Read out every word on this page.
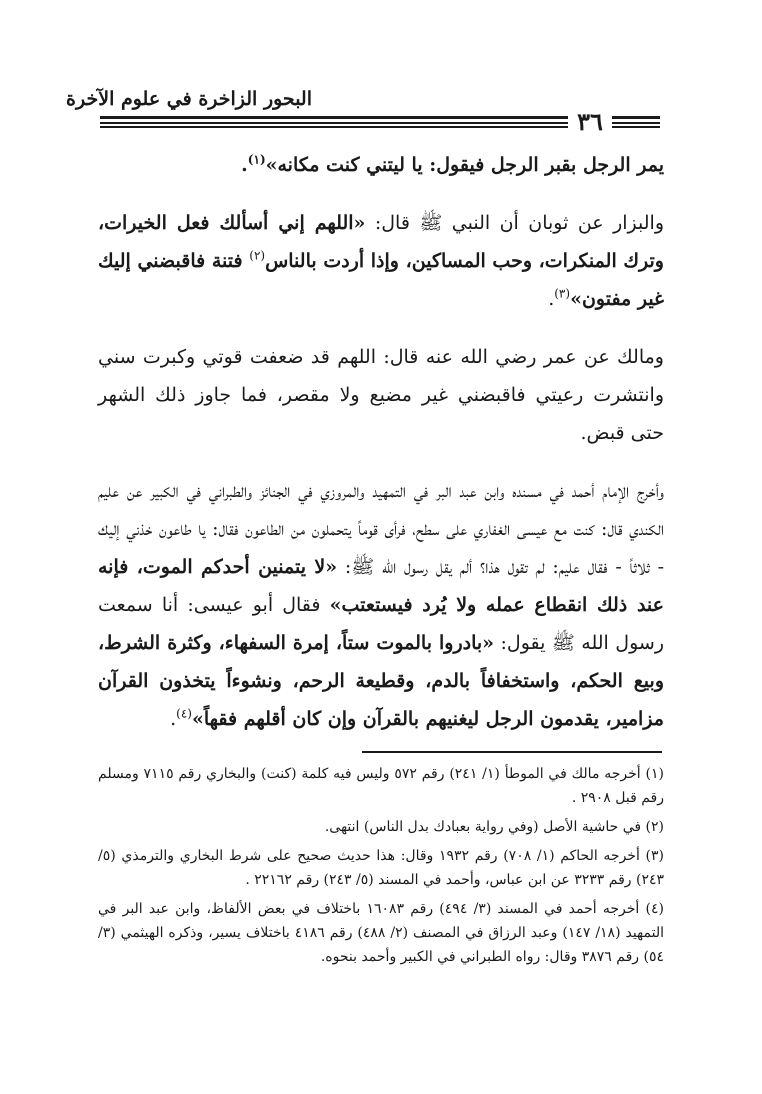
البحور الزاخرة في علوم الآخرة
٣٦

يمر الرجل بقبر الرجل فيقول: يا ليتني كنت مكانه»$^{(١)}$.

والبزار عن ثوبان أن النبي ﷺ قال: «اللهم إني أسألك فعل الخيرات، وترك المنكرات، وحب المساكين، وإذا أردت بالناس$^{(٢)}$ فتنة فاقبضني إليك غير مفتون»$^{(٣)}$.

ومالك عن عمر رضي الله عنه قال: اللهم قد ضعفت قوتي وكبرت سني وانتشرت رعيتي فاقبضني غير مضيع ولا مقصر، فما جاوز ذلك الشهر حتى قبض.

وأخرج الإمام أحمد في مسنده وابن عبد البر في التمهيد والمروزي في الجنائز والطبراني في الكبير عن عليم الكندي قال: كنت مع عيسى الغفاري على سطح، فرأى قوماً يتحملون من الطاعون فقال: يا طاعون خذني إليك - ثلاثاً - فقال عليم: لم تقول هذا؟ ألم يقل رسول الله ﷺ: «لا يتمنين أحدكم الموت، فإنه عند ذلك انقطاع عمله ولا يُرد فيستعتب» فقال أبو عيسى: أنا سمعت رسول الله ﷺ يقول: «بادروا بالموت ستاً، إمرة السفهاء، وكثرة الشرط، وبيع الحكم، واستخفافاً بالدم، وقطيعة الرحم، ونشوءاً يتخذون القرآن مزامير، يقدمون الرجل ليغنيهم بالقرآن وإن كان أقلهم فقهاً»$^{(٤)}$.

(١) أخرجه مالك في الموطأ (١/ ٢٤١) رقم ٥٧٢ وليس فيه كلمة (كنت) والبخاري رقم ٧١١٥ ومسلم رقم قبل ٢٩٠٨ .

(٢) في حاشية الأصل (وفي رواية بعبادك بدل الناس) انتهى.

(٣) أخرجه الحاكم (١/ ٧٠٨) رقم ١٩٣٢ وقال: هذا حديث صحيح على شرط البخاري والترمذي (٥/ ٢٤٣) رقم ٣٢٣٣ عن ابن عباس، وأحمد في المسند (٥/ ٢٤٣) رقم ٢٢١٦٢ .

(٤) أخرجه أحمد في المسند (٣/ ٤٩٤) رقم ١٦٠٨٣ باختلاف في بعض الألفاظ، وابن عبد البر في التمهيد (١٨/ ١٤٧) وعبد الرزاق في المصنف (٢/ ٤٨٨) رقم ٤١٨٦ باختلاف يسير، وذكره الهيثمي (٣/ ٥٤) رقم ٣٨٧٦ وقال: رواه الطبراني في الكبير وأحمد بنحوه.
